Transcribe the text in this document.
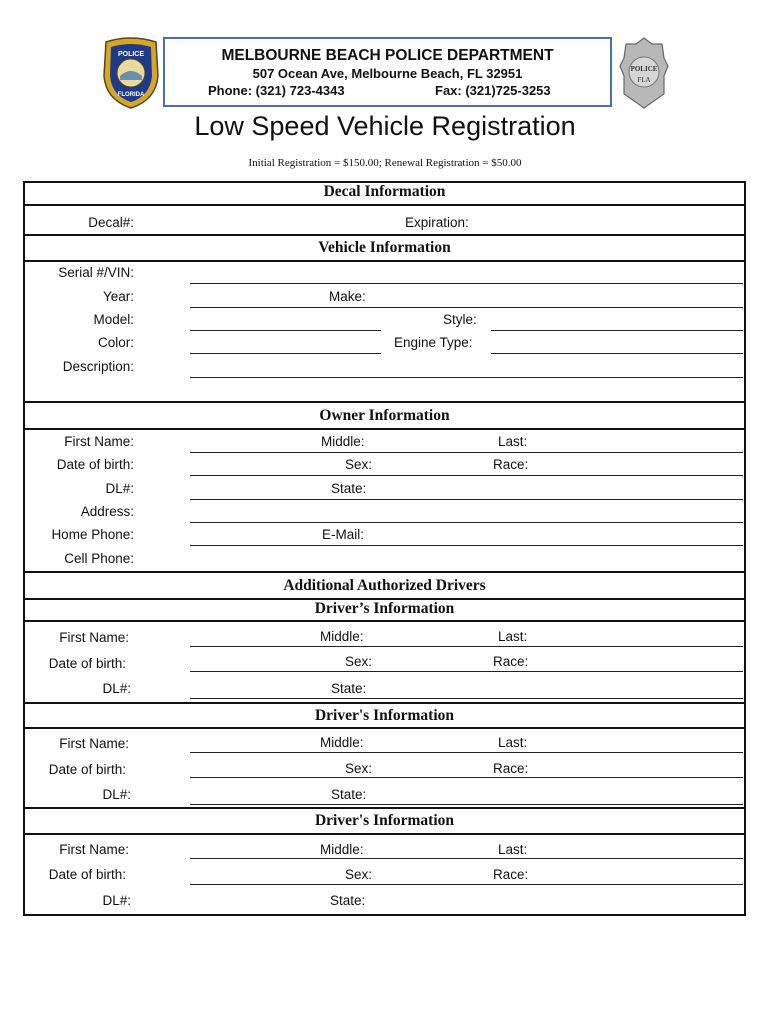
POLICE
FLORIDA
MELBOURNE BEACH POLICE DEPARTMENT
507 Ocean Ave, Melbourne Beach, FL 32951
Phone: (321) 723-4343	Fax: (321)725-3253
POLICE
FLA
Low Speed Vehicle Registration
Initial Registration = $150.00; Renewal Registration = $50.00
Decal Information
Decal#:	Expiration:
Vehicle Information
Serial #/VIN:
Year:	Make:
Model:	Style:
Color:	Engine Type:
Description:
Owner Information
First Name:	Middle:	Last:
Date of birth:	Sex:	Race:
DL#:	State:
Address:
Home Phone:	E-Mail:
Cell Phone:
Additional Authorized Drivers
Driver’s Information
First Name:	Middle:	Last:
Date of birth:	Sex:	Race:
DL#:	State:
Driver's Information
First Name:	Middle:	Last:
Date of birth:	Sex:	Race:
DL#:	State:
Driver's Information
First Name:	Middle:	Last:
Date of birth:	Sex:	Race:
DL#:	State:
